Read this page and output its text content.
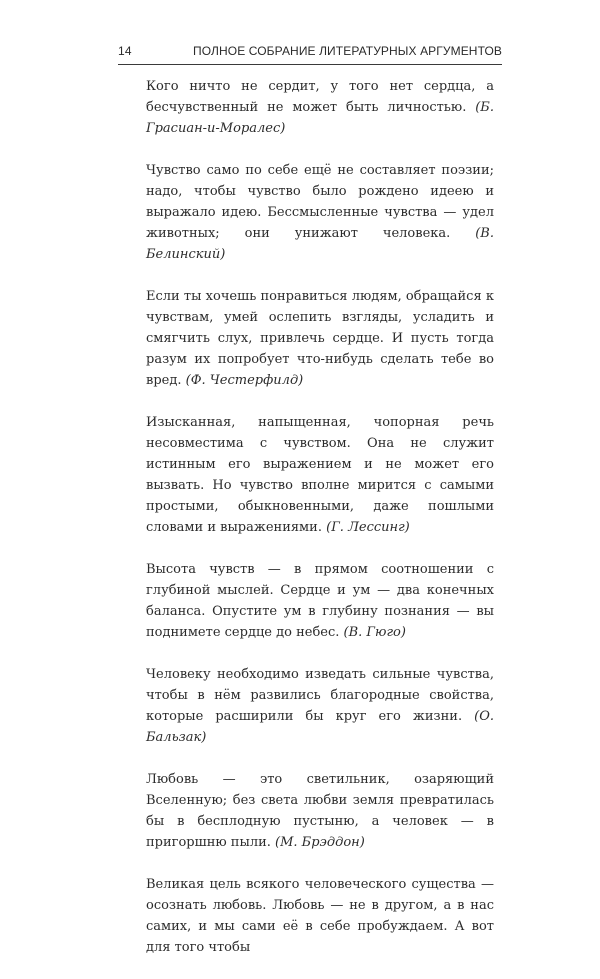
14	ПОЛНОЕ СОБРАНИЕ ЛИТЕРАТУРНЫХ АРГУМЕНТОВ

Кого ничто не сердит, у того нет сердца, а бесчувственный не может быть личностью. (Б. Грасиан-и-Моралес)

Чувство само по себе ещё не составляет поэзии; надо, чтобы чувство было рождено идеею и выражало идею. Бессмысленные чувства — удел животных; они унижают человека. (В. Белинский)

Если ты хочешь понравиться людям, обращайся к чувствам, умей ослепить взгляды, усладить и смягчить слух, привлечь сердце. И пусть тогда разум их попробует что-нибудь сделать тебе во вред. (Ф. Честерфилд)

Изысканная, напыщенная, чопорная речь несовместима с чувством. Она не служит истинным его выражением и не может его вызвать. Но чувство вполне мирится с самыми простыми, обыкновенными, даже пошлыми словами и выражениями. (Г. Лессинг)

Высота чувств — в прямом соотношении с глубиной мыслей. Сердце и ум — два конечных баланса. Опустите ум в глубину познания — вы поднимете сердце до небес. (В. Гюго)

Человеку необходимо изведать сильные чувства, чтобы в нём развились благородные свойства, которые расширили бы круг его жизни. (О. Бальзак)

Любовь — это светильник, озаряющий Вселенную; без света любви земля превратилась бы в бесплодную пустыню, а человек — в пригоршню пыли. (М. Брэддон)

Великая цель всякого человеческого существа — осознать любовь. Любовь — не в другом, а в нас самих, и мы сами её в себе пробуждаем. А вот для того чтобы
